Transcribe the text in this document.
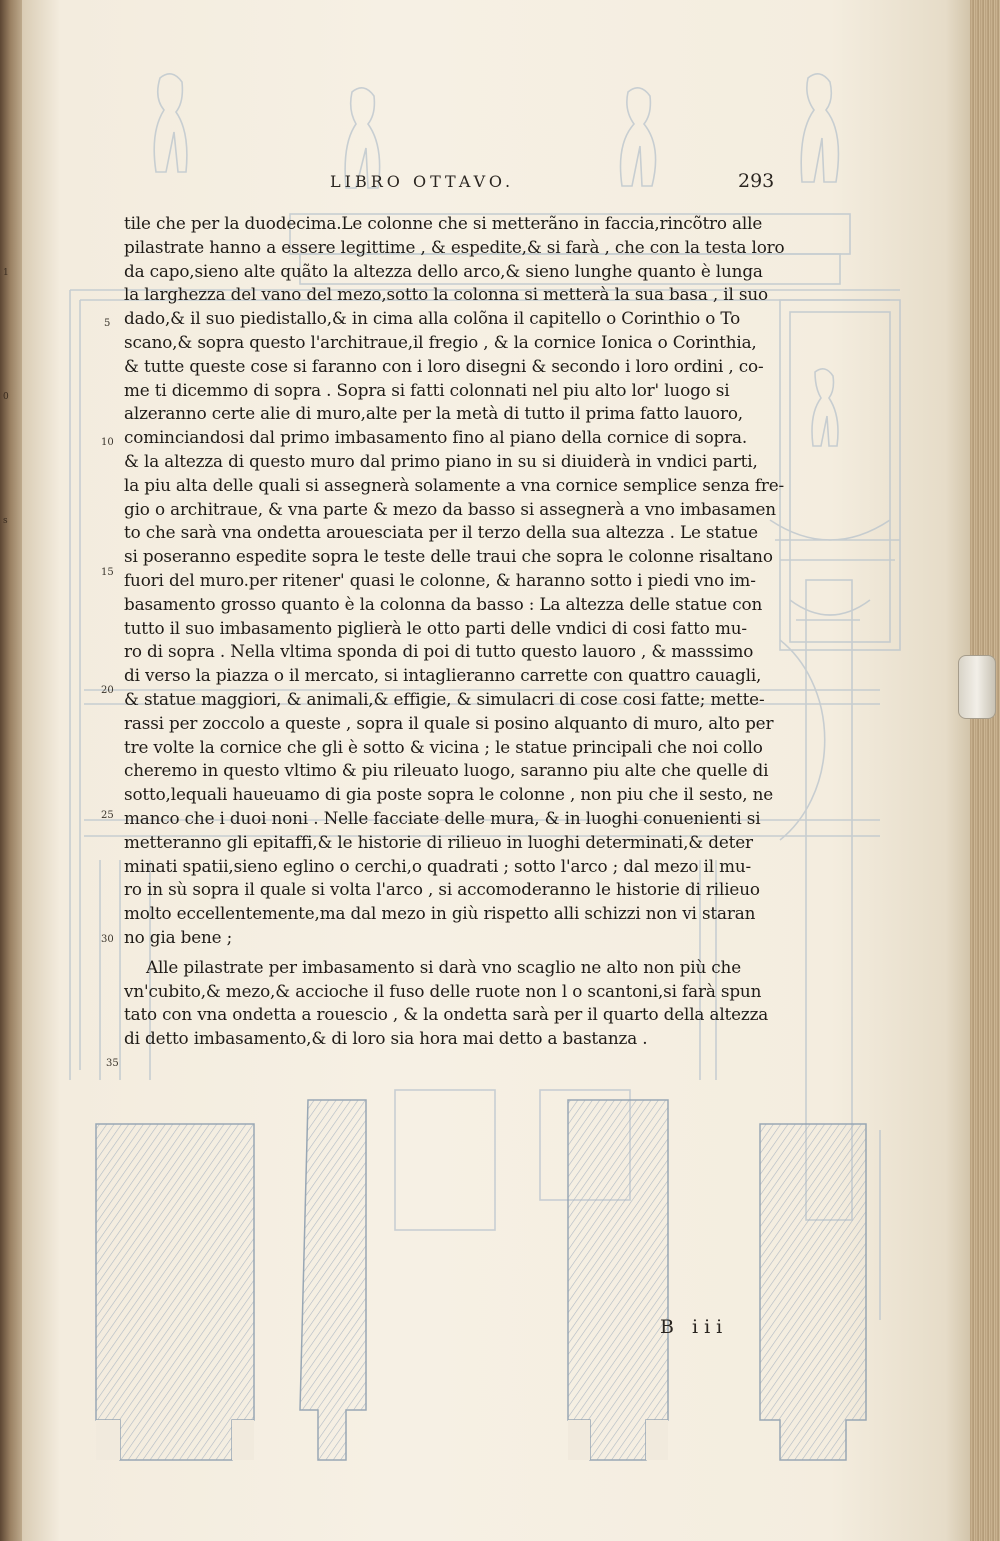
1
0
s
LIBRO OTTAVO.	293
tile che per la duodecima.Le colonne che si metterãno in faccia,rincõtro alle
pilastrate hanno a essere legittime , & espedite,& si farà , che con la testa loro
da capo,sieno alte quãto la altezza dello arco,& sieno lunghe quanto è lunga
la larghezza del vano del mezo,sotto la colonna si metterà la sua basa , il suo
dado,& il suo piedistallo,& in cima alla colõna il capitello o Corinthio o To
scano,& sopra questo l'architraue,il fregio , & la cornice Ionica o Corinthia,
& tutte queste cose si faranno con i loro disegni & secondo i loro ordini , co-
me ti dicemmo di sopra . Sopra si fatti colonnati nel piu alto lor' luogo si
alzeranno certe alie di muro,alte per la metà di tutto il prima fatto lauoro,
cominciandosi dal primo imbasamento fino al piano della cornice di sopra.
& la altezza di questo muro dal primo piano in su si diuiderà in vndici parti,
la piu alta delle quali si assegnerà solamente a vna cornice semplice senza fre-
gio o architraue, & vna parte & mezo da basso si assegnerà a vno imbasamen
to che sarà vna ondetta arouesciata per il terzo della sua altezza . Le statue
si poseranno espedite sopra le teste delle traui che sopra le colonne risaltano
fuori del muro.per ritener' quasi le colonne, & haranno sotto i piedi vno im-
basamento grosso quanto è la colonna da basso : La altezza delle statue con
tutto il suo imbasamento piglierà le otto parti delle vndici di cosi fatto mu-
ro di sopra . Nella vltima sponda di poi di tutto questo lauoro , & masssimo
di verso la piazza o il mercato, si intaglieranno carrette con quattro cauagli,
& statue maggiori, & animali,& effigie, & simulacri di cose cosi fatte; mette-
rassi per zoccolo a queste , sopra il quale si posino alquanto di muro, alto per
tre volte la cornice che gli è sotto & vicina ; le statue principali che noi collo
cheremo in questo vltimo & piu rileuato luogo, saranno piu alte che quelle di
sotto,lequali haueuamo di gia poste sopra le colonne , non piu che il sesto, ne
manco che i duoi noni . Nelle facciate delle mura, & in luoghi conuenienti si
metteranno gli epitaffi,& le historie di rilieuo in luoghi determinati,& deter
minati spatii,sieno eglino o cerchi,o quadrati ; sotto l'arco ; dal mezo il mu-
ro in sù sopra il quale si volta l'arco , si accomoderanno le historie di rilieuo
molto eccellentemente,ma dal mezo in giù rispetto alli schizzi non vi staran
no gia bene ;
Alle pilastrate per imbasamento si darà vno scaglio ne alto non più che
vn'cubito,& mezo,& accioche il fuso delle ruote non l o scantoni,si farà spun
tato con vna ondetta a rouescio , & la ondetta sarà per il quarto della altezza
di detto imbasamento,& di loro sia hora mai detto a bastanza .
5
10
15
20
25
30
35
B iii
